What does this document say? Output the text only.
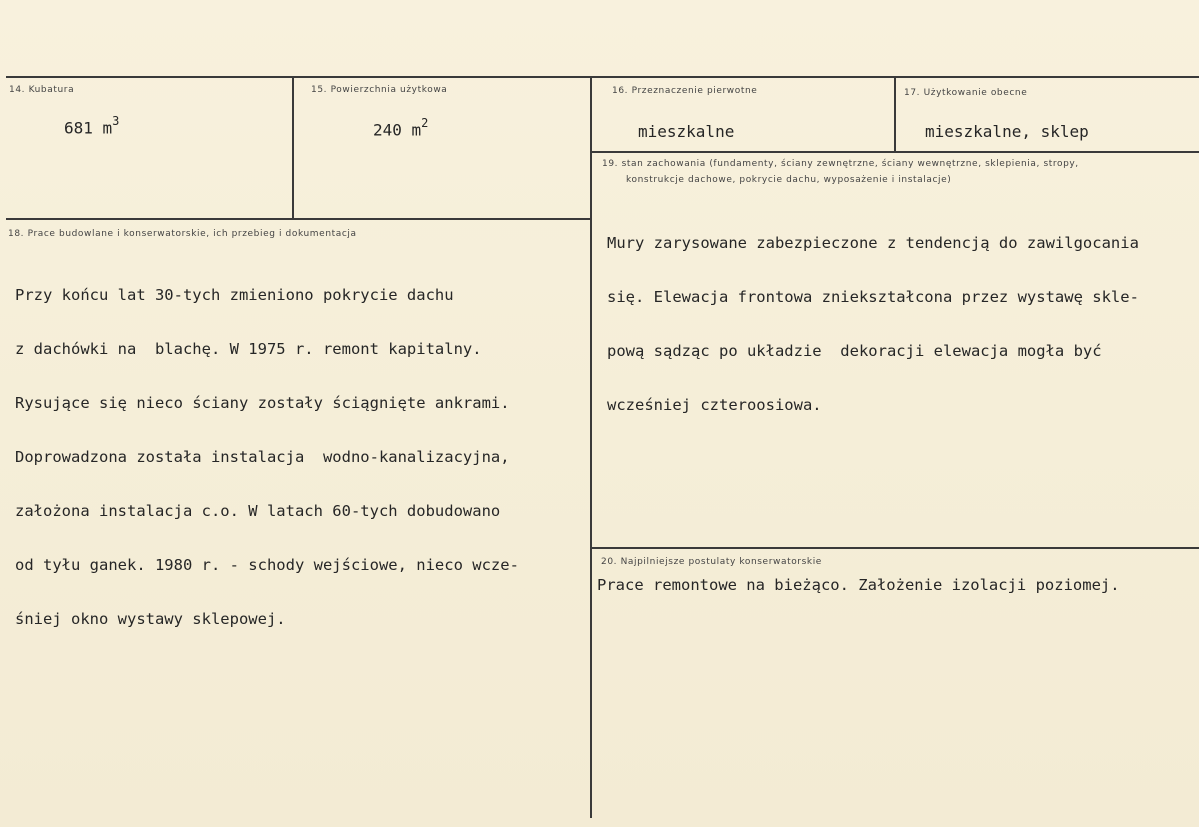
14. Kubatura
681 $m^3$
15. Powierzchnia użytkowa
240 $m^2$
16. Przeznaczenie pierwotne
mieszkalne
17. Użytkowanie obecne
mieszkalne, sklep
18. Prace budowlane i konserwatorskie, ich przebieg i dokumentacja

Przy końcu lat 30-tych zmieniono pokrycie dachu

z dachówki na  blachę. W 1975 r. remont kapitalny.

Rysujące się nieco ściany zostały ściągnięte ankrami.

Doprowadzona została instalacja  wodno-kanalizacyjna,

założona instalacja c.o. W latach 60-tych dobudowano

od tyłu ganek. 1980 r. - schody wejściowe, nieco wcze-

śniej okno wystawy sklepowej.

19. stan zachowania (fundamenty, ściany zewnętrzne, ściany wewnętrzne, sklepienia, stropy,
konstrukcje dachowe, pokrycie dachu, wyposażenie i instalacje)

Mury zarysowane zabezpieczone z tendencją do zawilgocania

się. Elewacja frontowa zniekształcona przez wystawę skle-

pową sądząc po układzie  dekoracji elewacja mogła być

wcześniej czteroosiowa.

20. Najpilniejsze postulaty konserwatorskie
Prace remontowe na bieżąco. Założenie izolacji poziomej.
